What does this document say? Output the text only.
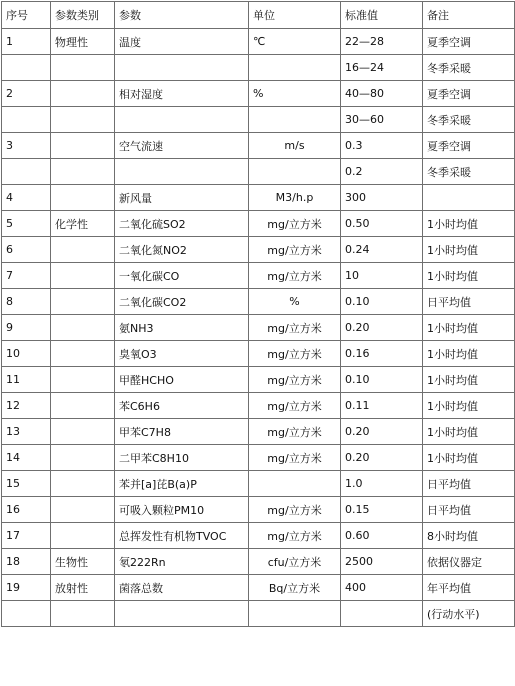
序号	参数类别	参数	单位	标准值	备注
1	物理性	温度	℃	22—28	夏季空调
				16—24	冬季采暖
2		相对湿度	%	40—80	夏季空调
				30—60	冬季采暖
3		空气流速	m/s	0.3	夏季空调
				0.2	冬季采暖
4		新风量	M3/h.p	300	
5	化学性	二氧化硫SO2	mg/立方米	0.50	1小时均值
6		二氧化氮NO2	mg/立方米	0.24	1小时均值
7		一氧化碳CO	mg/立方米	10	1小时均值
8		二氧化碳CO2	%	0.10	日平均值
9		氨NH3	mg/立方米	0.20	1小时均值
10		臭氧O3	mg/立方米	0.16	1小时均值
11		甲醛HCHO	mg/立方米	0.10	1小时均值
12		苯C6H6	mg/立方米	0.11	1小时均值
13		甲苯C7H8	mg/立方米	0.20	1小时均值
14		二甲苯C8H10	mg/立方米	0.20	1小时均值
15		苯并[a]芘B(a)P		1.0	日平均值
16		可吸入颗粒PM10	mg/立方米	0.15	日平均值
17		总挥发性有机物TVOC	mg/立方米	0.60	8小时均值
18	生物性	氡222Rn	cfu/立方米	2500	依据仪器定
19	放射性	菌落总数	Bq/立方米	400	年平均值
					(行动水平)
